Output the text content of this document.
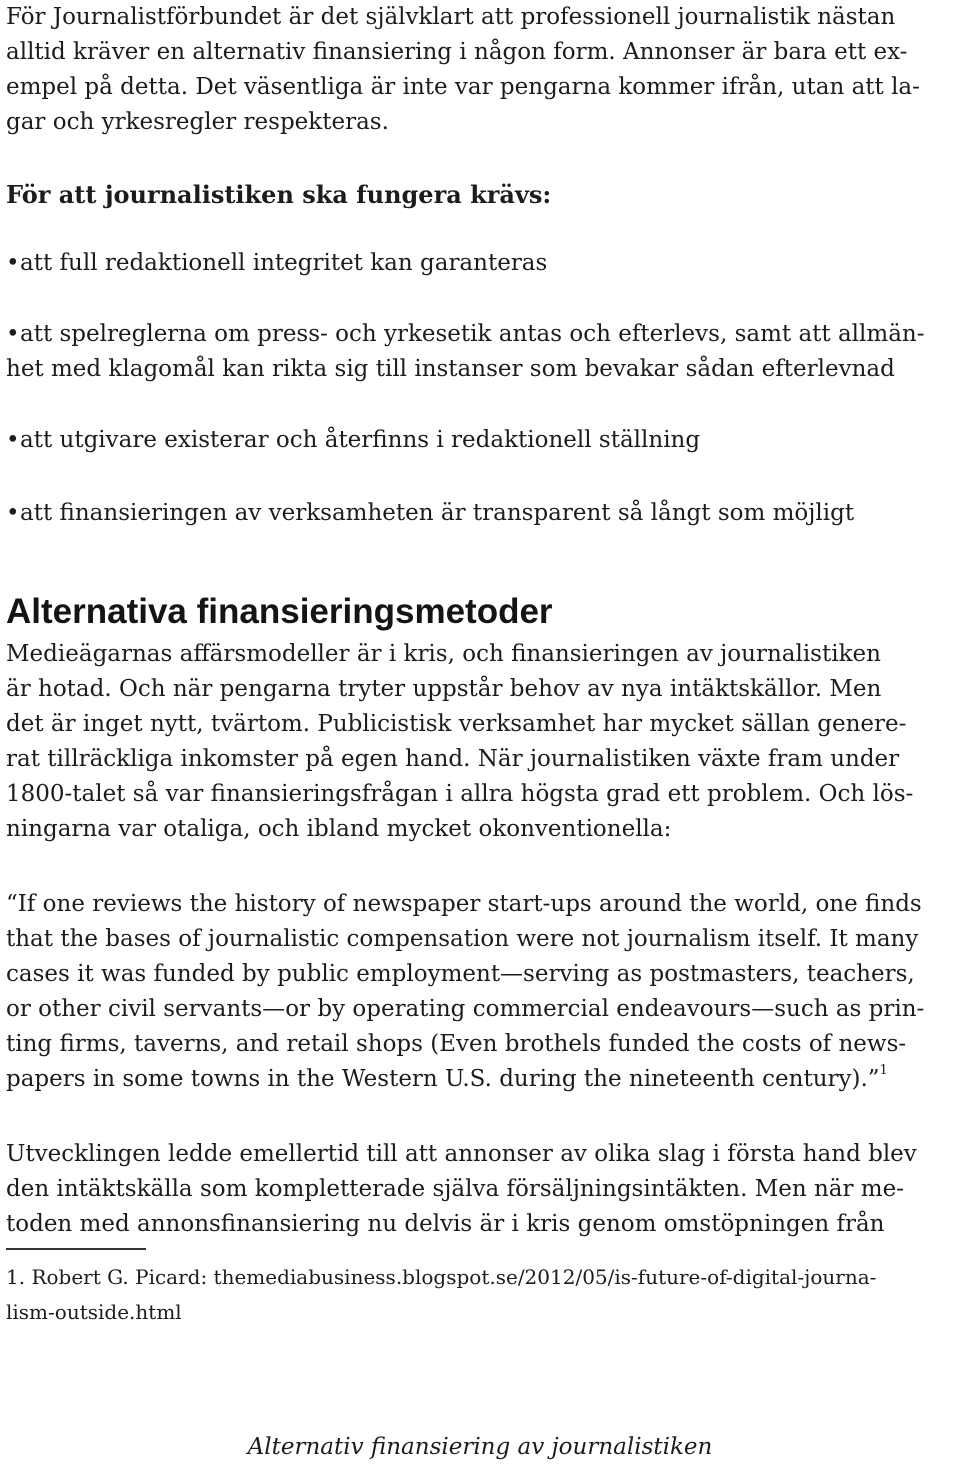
För Journalistförbundet är det självklart att professionell journalistik nästan
alltid kräver en alternativ finansiering i någon form. Annonser är bara ett ex-
empel på detta. Det väsentliga är inte var pengarna kommer ifrån, utan att la-
gar och yrkesregler respekteras.

För att journalistiken ska fungera krävs:

•att full redaktionell integritet kan garanteras

•att spelreglerna om press- och yrkesetik antas och efterlevs, samt att allmän-
het med klagomål kan rikta sig till instanser som bevakar sådan efterlevnad

•att utgivare existerar och återfinns i redaktionell ställning

•att finansieringen av verksamheten är transparent så långt som möjligt

Alternativa finansieringsmetoder

Medieägarnas affärsmodeller är i kris, och finansieringen av journalistiken
är hotad. Och när pengarna tryter uppstår behov av nya intäktskällor. Men
det är inget nytt, tvärtom. Publicistisk verksamhet har mycket sällan genere-
rat tillräckliga inkomster på egen hand. När journalistiken växte fram under
1800-talet så var finansieringsfrågan i allra högsta grad ett problem. Och lös-
ningarna var otaliga, och ibland mycket okonventionella:

“If one reviews the history of newspaper start-ups around the world, one finds
that the bases of journalistic compensation were not journalism itself. It many
cases it was funded by public employment—serving as postmasters, teachers,
or other civil servants—or by operating commercial endeavours—such as prin-
ting firms, taverns, and retail shops (Even brothels funded the costs of news-
papers in some towns in the Western U.S. during the nineteenth century).”$^1$

Utvecklingen ledde emellertid till att annonser av olika slag i första hand blev
den intäktskälla som kompletterade själva försäljningsintäkten. Men när me-
toden med annonsfinansiering nu delvis är i kris genom omstöpningen från

1. Robert G. Picard: themediabusiness.blogspot.se/2012/05/is-future-of-digital-journa-
lism-outside.html

Alternativ finansiering av journalistiken
